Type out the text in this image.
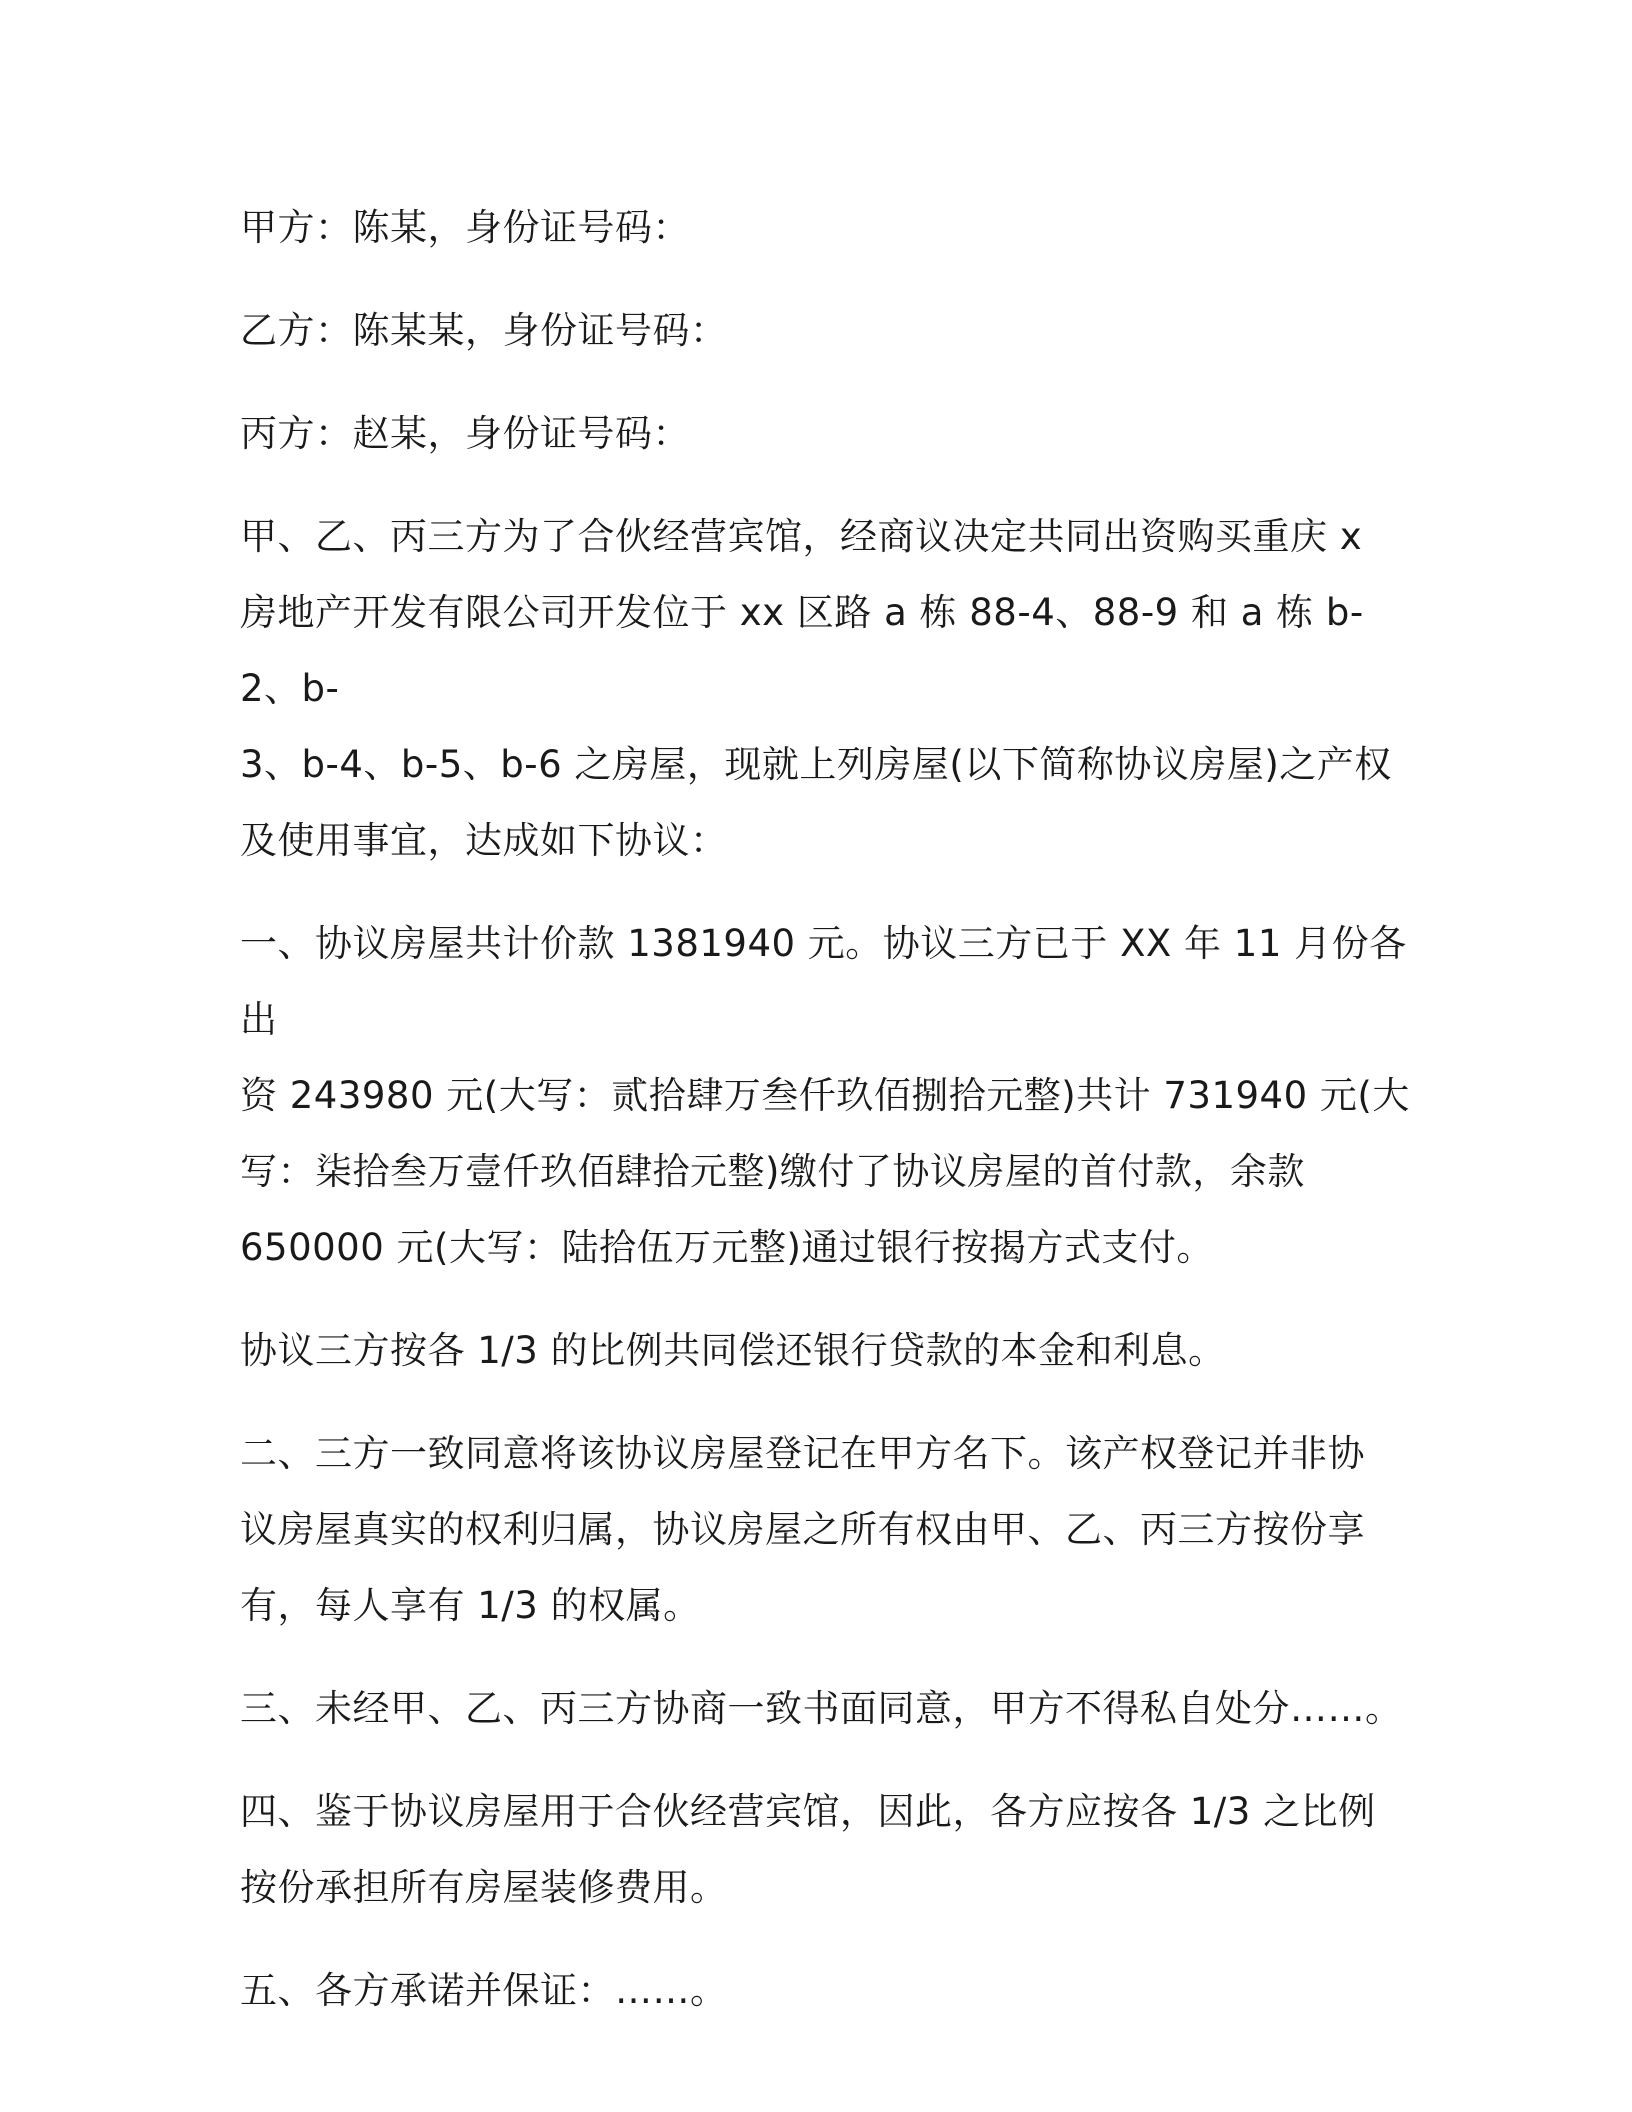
甲方：陈某，身份证号码：

乙方：陈某某，身份证号码：

丙方：赵某，身份证号码：

甲、乙、丙三方为了合伙经营宾馆，经商议决定共同出资购买重庆 x
房地产开发有限公司开发位于 xx 区路 a 栋 88-4、88-9 和 a 栋 b-2、b-
3、b-4、b-5、b-6 之房屋，现就上列房屋(以下简称协议房屋)之产权
及使用事宜，达成如下协议：

一、协议房屋共计价款 1381940 元。协议三方已于 XX 年 11 月份各出
资 243980 元(大写：贰拾肆万叁仟玖佰捌拾元整)共计 731940 元(大
写：柒拾叁万壹仟玖佰肆拾元整)缴付了协议房屋的首付款，余款
650000 元(大写：陆拾伍万元整)通过银行按揭方式支付。

协议三方按各 1/3 的比例共同偿还银行贷款的本金和利息。

二、三方一致同意将该协议房屋登记在甲方名下。该产权登记并非协
议房屋真实的权利归属，协议房屋之所有权由甲、乙、丙三方按份享
有，每人享有 1/3 的权属。

三、未经甲、乙、丙三方协商一致书面同意，甲方不得私自处分……。

四、鉴于协议房屋用于合伙经营宾馆，因此，各方应按各 1/3 之比例
按份承担所有房屋装修费用。

五、各方承诺并保证：……。
